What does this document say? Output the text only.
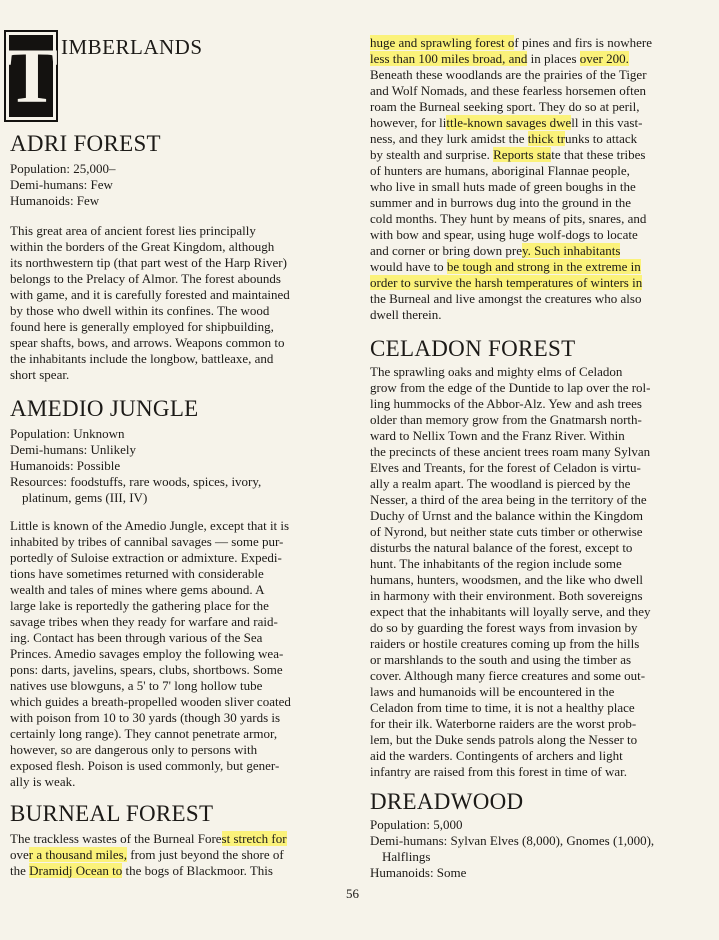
T IMBERLANDS
ADRI FOREST
Population: 25,000–
Demi-humans: Few
Humanoids: Few
This great area of ancient forest lies principally
within the borders of the Great Kingdom, although
its northwestern tip (that part west of the Harp River)
belongs to the Prelacy of Almor. The forest abounds
with game, and it is carefully forested and maintained
by those who dwell within its confines. The wood
found here is generally employed for shipbuilding,
spear shafts, bows, and arrows. Weapons common to
the inhabitants include the longbow, battleaxe, and
short spear.
AMEDIO JUNGLE
Population: Unknown
Demi-humans: Unlikely
Humanoids: Possible
Resources: foodstuffs, rare woods, spices, ivory,
platinum, gems (III, IV)
Little is known of the Amedio Jungle, except that it is
inhabited by tribes of cannibal savages — some pur-
portedly of Suloise extraction or admixture. Expedi-
tions have sometimes returned with considerable
wealth and tales of mines where gems abound. A
large lake is reportedly the gathering place for the
savage tribes when they ready for warfare and raid-
ing. Contact has been through various of the Sea
Princes. Amedio savages employ the following wea-
pons: darts, javelins, spears, clubs, shortbows. Some
natives use blowguns, a 5' to 7' long hollow tube
which guides a breath-propelled wooden sliver coated
with poison from 10 to 30 yards (though 30 yards is
certainly long range). They cannot penetrate armor,
however, so are dangerous only to persons with
exposed flesh. Poison is used commonly, but gener-
ally is weak.
BURNEAL FOREST
The trackless wastes of the Burneal Forest stretch for
over a thousand miles, from just beyond the shore of
the Dramidj Ocean to the bogs of Blackmoor. This
huge and sprawling forest of pines and firs is nowhere
less than 100 miles broad, and in places over 200.
Beneath these woodlands are the prairies of the Tiger
and Wolf Nomads, and these fearless horsemen often
roam the Burneal seeking sport. They do so at peril,
however, for little-known savages dwell in this vast-
ness, and they lurk amidst the thick trunks to attack
by stealth and surprise. Reports state that these tribes
of hunters are humans, aboriginal Flannae people,
who live in small huts made of green boughs in the
summer and in burrows dug into the ground in the
cold months. They hunt by means of pits, snares, and
with bow and spear, using huge wolf-dogs to locate
and corner or bring down prey. Such inhabitants
would have to be tough and strong in the extreme in
order to survive the harsh temperatures of winters in
the Burneal and live amongst the creatures who also
dwell therein.
CELADON FOREST
The sprawling oaks and mighty elms of Celadon
grow from the edge of the Duntide to lap over the rol-
ling hummocks of the Abbor-Alz. Yew and ash trees
older than memory grow from the Gnatmarsh north-
ward to Nellix Town and the Franz River. Within
the precincts of these ancient trees roam many Sylvan
Elves and Treants, for the forest of Celadon is virtu-
ally a realm apart. The woodland is pierced by the
Nesser, a third of the area being in the territory of the
Duchy of Urnst and the balance within the Kingdom
of Nyrond, but neither state cuts timber or otherwise
disturbs the natural balance of the forest, except to
hunt. The inhabitants of the region include some
humans, hunters, woodsmen, and the like who dwell
in harmony with their environment. Both sovereigns
expect that the inhabitants will loyally serve, and they
do so by guarding the forest ways from invasion by
raiders or hostile creatures coming up from the hills
or marshlands to the south and using the timber as
cover. Although many fierce creatures and some out-
laws and humanoids will be encountered in the
Celadon from time to time, it is not a healthy place
for their ilk. Waterborne raiders are the worst prob-
lem, but the Duke sends patrols along the Nesser to
aid the warders. Contingents of archers and light
infantry are raised from this forest in time of war.
DREADWOOD
Population: 5,000
Demi-humans: Sylvan Elves (8,000), Gnomes (1,000),
Halflings
Humanoids: Some
56
